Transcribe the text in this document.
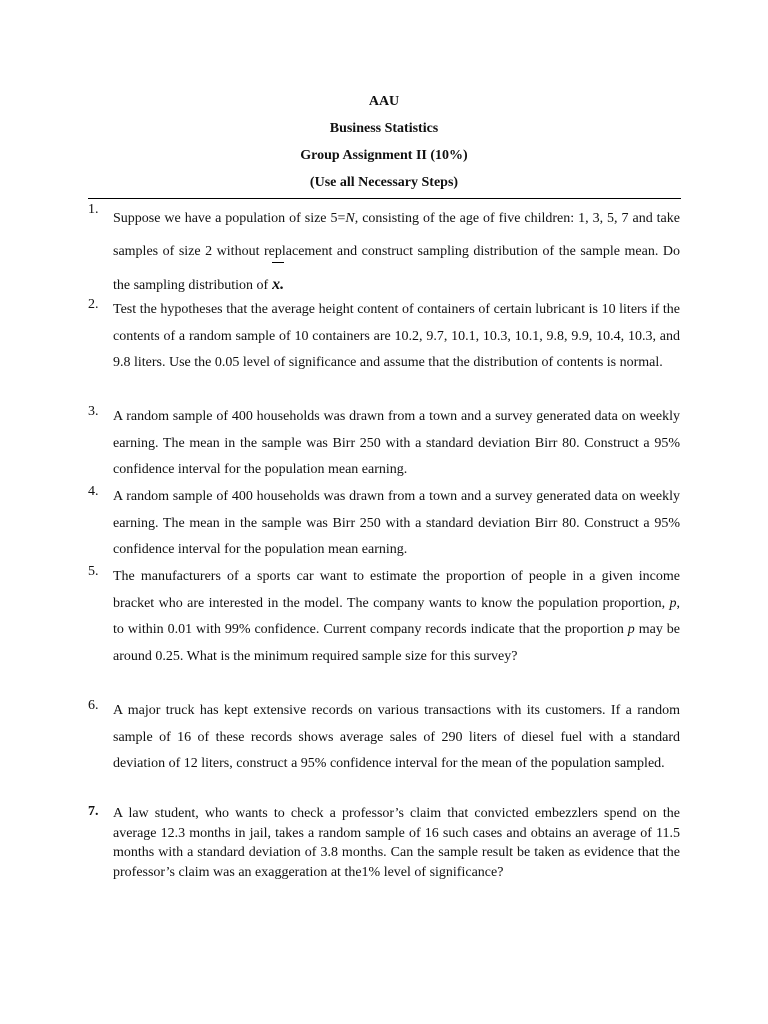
AAU
Business Statistics
Group Assignment II (10%)
(Use all Necessary Steps)
1.
Suppose we have a population of size 5=N, consisting of the age of five children: 1, 3, 5, 7 and take samples of size 2 without replacement and construct sampling distribution of the sample mean. Do the sampling distribution of x.
2.	Test the hypotheses that the average height content of containers of certain lubricant is 10 liters if the contents of a random sample of 10 containers are 10.2, 9.7, 10.1, 10.3, 10.1, 9.8, 9.9, 10.4, 10.3, and 9.8 liters. Use the 0.05 level of significance and assume that the distribution of contents is normal.
3.	A random sample of 400 households was drawn from a town and a survey generated data on weekly earning. The mean in the sample was Birr 250 with a standard deviation Birr 80. Construct a 95% confidence interval for the population mean earning.
4.	A random sample of 400 households was drawn from a town and a survey generated data on weekly earning. The mean in the sample was Birr 250 with a standard deviation Birr 80. Construct a 95% confidence interval for the population mean earning.
5.	The manufacturers of a sports car want to estimate the proportion of people in a given income bracket who are interested in the model. The company wants to know the population proportion, p, to within 0.01 with 99% confidence. Current company records indicate that the proportion p may be around 0.25. What is the minimum required sample size for this survey?
6.	A major truck has kept extensive records on various transactions with its customers. If a random sample of 16 of these records shows average sales of 290 liters of diesel fuel with a standard deviation of 12 liters, construct a 95% confidence interval for the mean of the population sampled.
7.	A law student, who wants to check a professor’s claim that convicted embezzlers spend on the average 12.3 months in jail, takes a random sample of 16 such cases and obtains an average of 11.5 months with a standard deviation of 3.8 months. Can the sample result be taken as evidence that the professor’s claim was an exaggeration at the1% level of significance?
